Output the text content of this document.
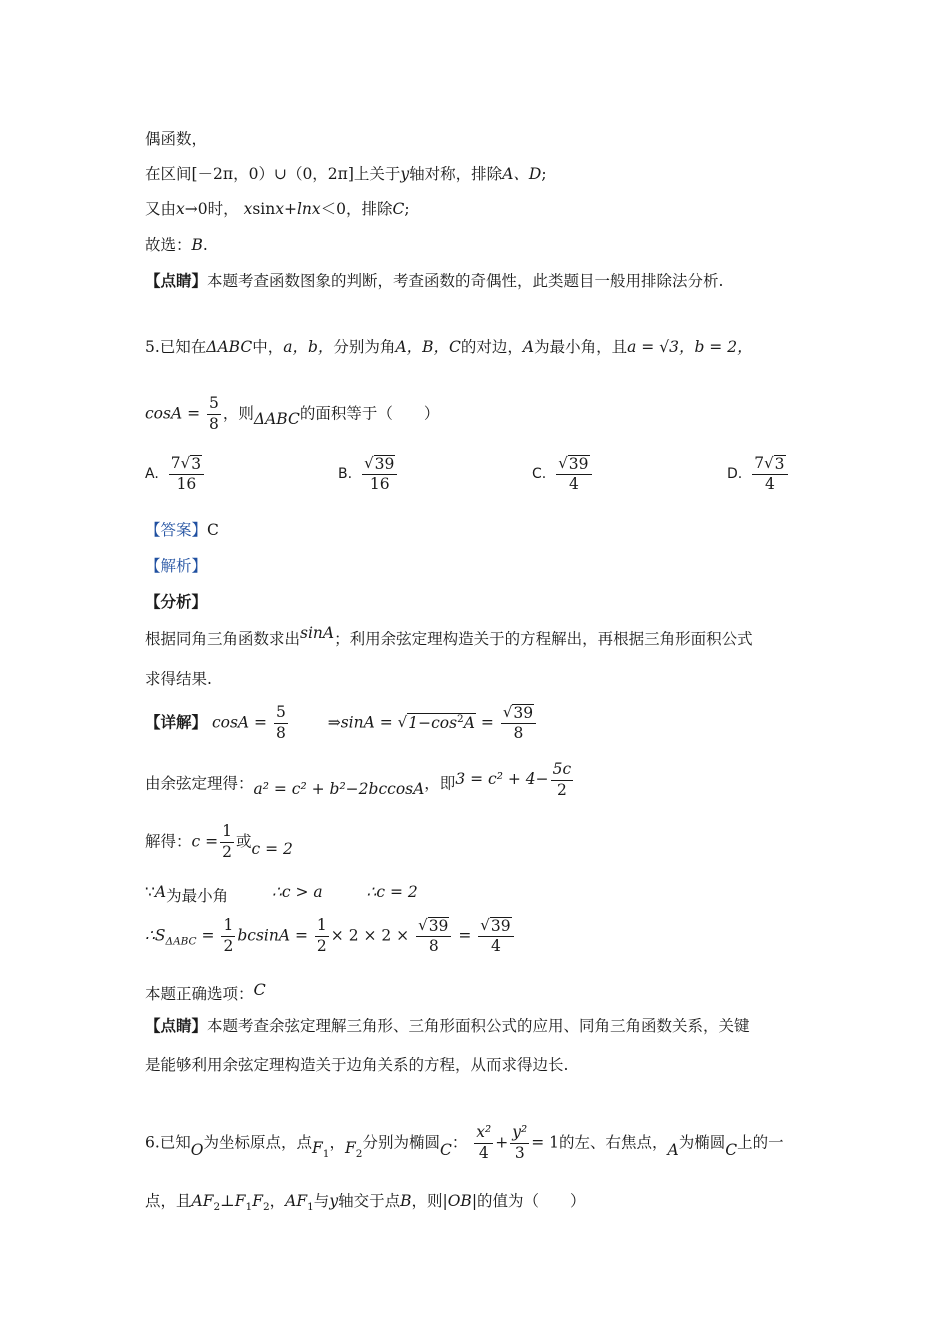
偶函数，
在区间[－2π，0）∪（0，2π]上关于y轴对称，排除A、D;
又由x→0时， xsinx+lnx＜0，排除C;
故选：B.
【点睛】本题考查函数图象的判断，考查函数的奇偶性，此类题目一般用排除法分析.
5.已知在ΔABC中，a，b，分别为角A，B，C的对边，A为最小角，且a = √3，b = 2，
$\cos A = \frac{5}{8}$ ，则ΔABC的面积等于（　　）
A. $\frac{7 √ 3}{16}$	B. $\frac{√ 39}{16}$	C. $\frac{√ 39}{4}$	D. $\frac{7 √ 3}{4}$
【答案】C
【解析】
【分析】
根据同角三角函数求出sinA；利用余弦定理构造关于的方程解出，再根据三角形面积公式
求得结果.
【详解】 $\cos A = \frac{5}{8}$	⇒sinA = √ $1-\cos^2A = \frac{√ 39}{8}$
由余弦定理得：a² = c² + b²−2bccosA，即$3 = c^2 + 4- \frac{5c}{2}$
解得：$c = \frac{1}{2}$ 或c = 2
∵A为最小角	∴c > a	∴c = 2
$\therefore S_{\Delta ABC} = \frac{1}{2}$ $bcsinA = \frac{1}{2} \times 2 \times 2 \times \frac{√ 39}{8} = \frac{√ 39}{4}$
本题正确选项：C
【点睛】本题考查余弦定理解三角形、三角形面积公式的应用、同角三角函数关系，关键
是能够利用余弦定理构造关于边角关系的方程，从而求得边长.
6.已知O为坐标原点，点$F_1$，$F_2$分别为椭圆C： $\frac{\text{x²}}{4} + \frac{\text{y²}}{3} = 1$的左、右焦点，A为椭圆C上的一
点，且$AF_2\perp F_1F_2$，$AF_1$与y轴交于点B，则|OB|的值为（　　）
